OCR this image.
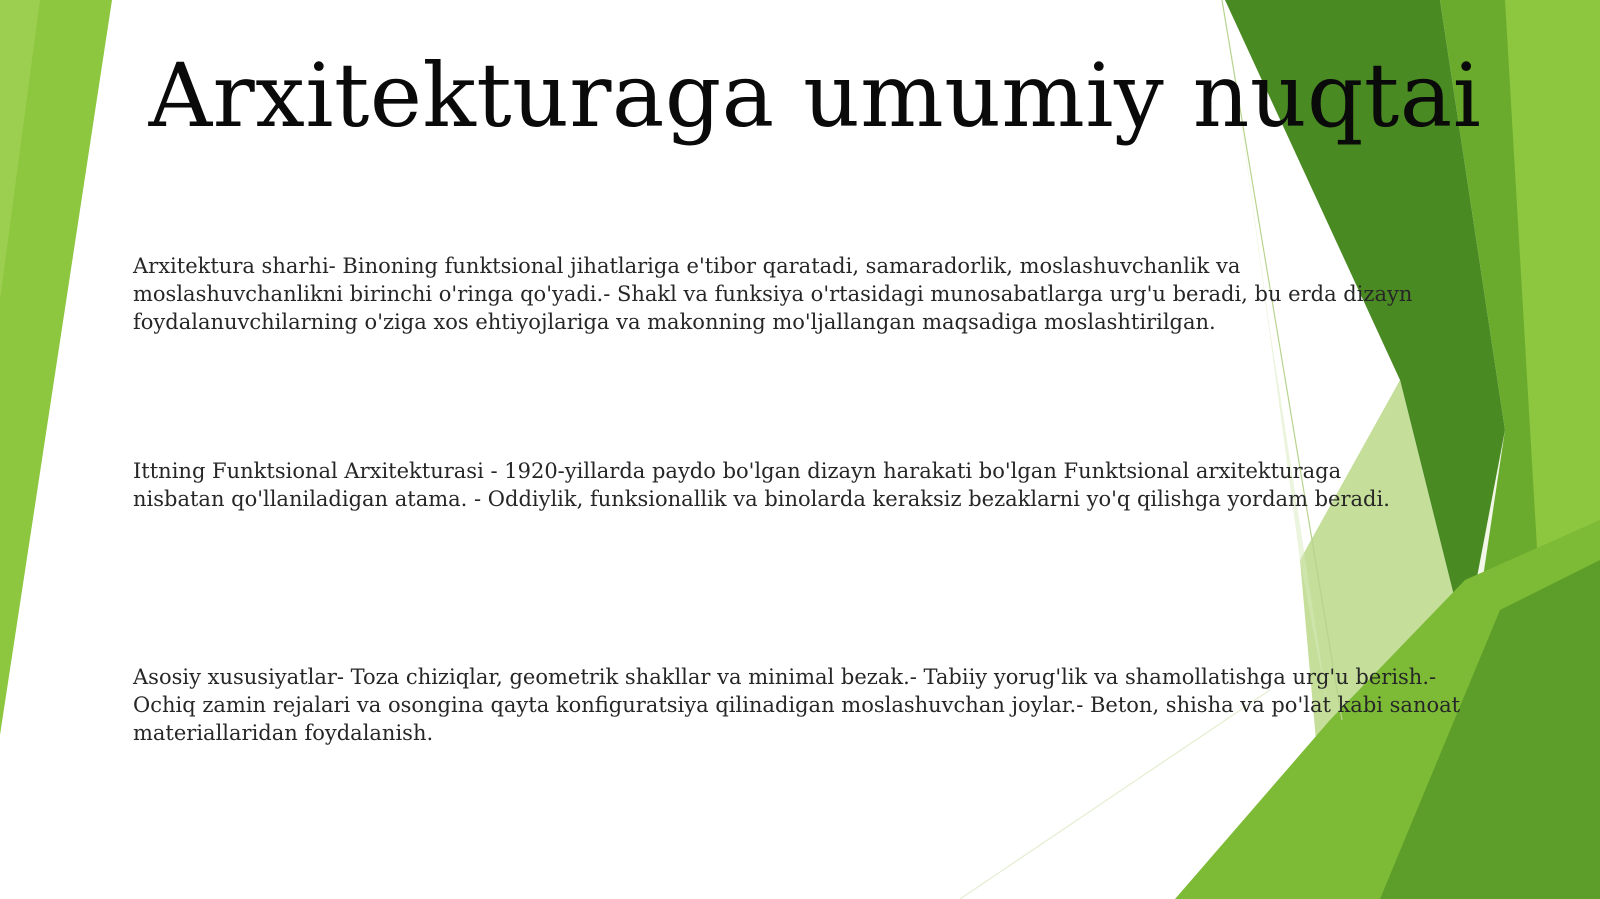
Arxitekturaga umumiy nuqtai
Arxitektura sharhi- Binoning funktsional jihatlariga e'tibor qaratadi, samaradorlik, moslashuvchanlik va
moslashuvchanlikni birinchi o'ringa qo'yadi.- Shakl va funksiya o'rtasidagi munosabatlarga urg'u beradi, bu erda dizayn
foydalanuvchilarning o'ziga xos ehtiyojlariga va makonning mo'ljallangan maqsadiga moslashtirilgan.
Ittning Funktsional Arxitekturasi - 1920-yillarda paydo bo'lgan dizayn harakati bo'lgan Funktsional arxitekturaga
nisbatan qo'llaniladigan atama. - Oddiylik, funksionallik va binolarda keraksiz bezaklarni yo'q qilishga yordam beradi.
Asosiy xususiyatlar- Toza chiziqlar, geometrik shakllar va minimal bezak.- Tabiiy yorug'lik va shamollatishga urg'u berish.-
Ochiq zamin rejalari va osongina qayta konfiguratsiya qilinadigan moslashuvchan joylar.- Beton, shisha va po'lat kabi sanoat
materiallaridan foydalanish.
